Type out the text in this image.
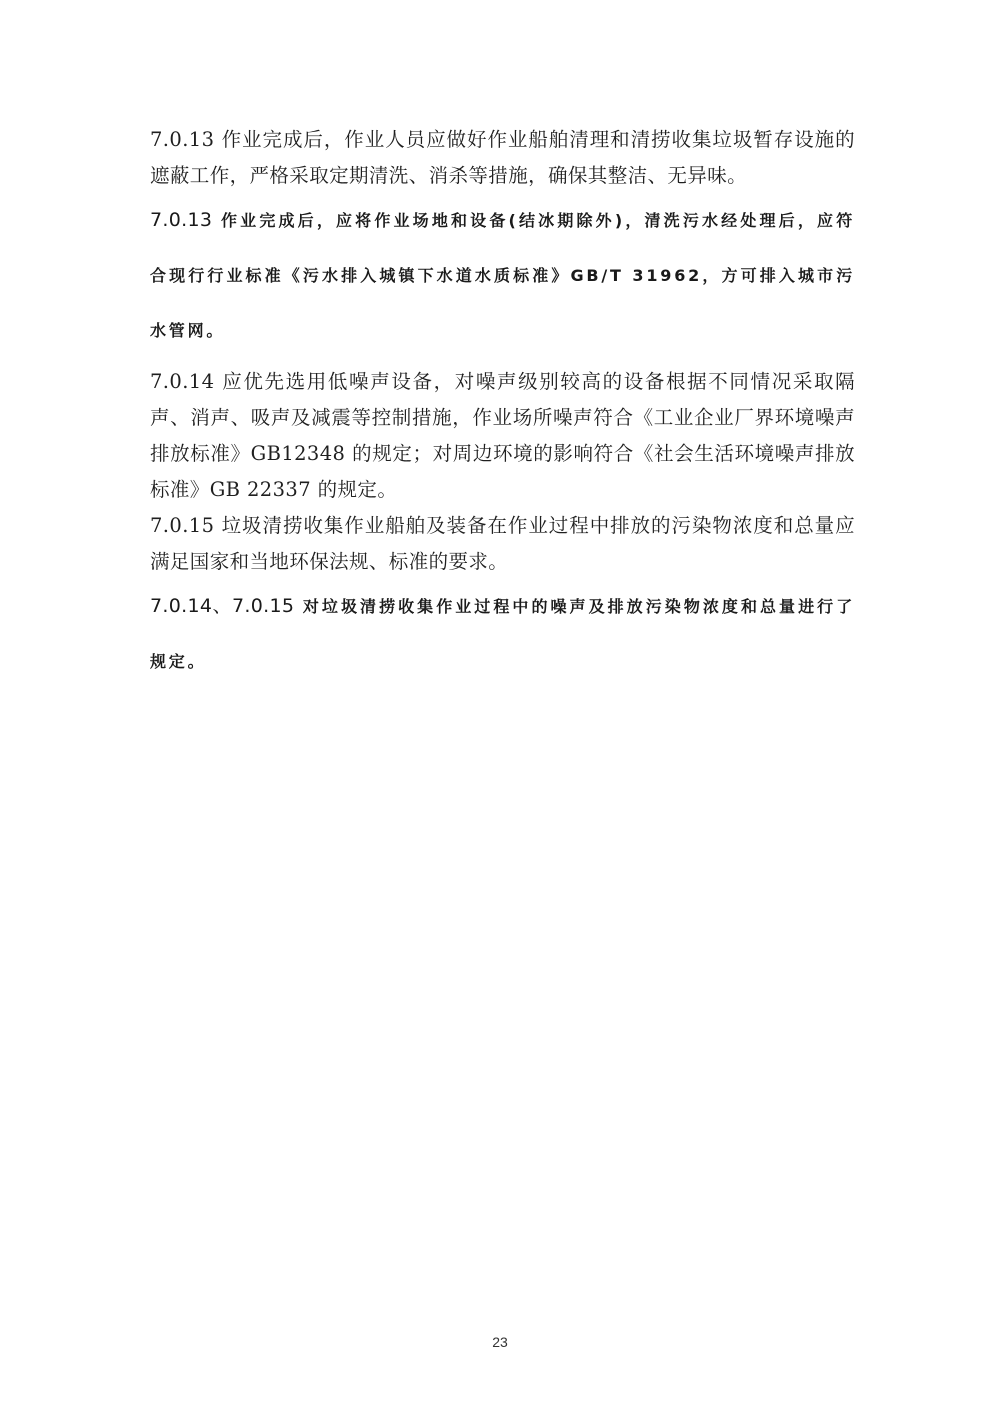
7.0.13 作业完成后，作业人员应做好作业船舶清理和清捞收集垃圾暂存设施的遮蔽工作，严格采取定期清洗、消杀等措施，确保其整洁、无异味。

7.0.13 作业完成后，应将作业场地和设备(结冰期除外)，清洗污水经处理后，应符合现行行业标准《污水排入城镇下水道水质标准》GB/T 31962，方可排入城市污水管网。

7.0.14 应优先选用低噪声设备，对噪声级别较高的设备根据不同情况采取隔声、消声、吸声及减震等控制措施，作业场所噪声符合《工业企业厂界环境噪声排放标准》GB12348 的规定；对周边环境的影响符合《社会生活环境噪声排放标准》GB 22337 的规定。

7.0.15 垃圾清捞收集作业船舶及装备在作业过程中排放的污染物浓度和总量应满足国家和当地环保法规、标准的要求。

7.0.14、7.0.15 对垃圾清捞收集作业过程中的噪声及排放污染物浓度和总量进行了规定。

23
